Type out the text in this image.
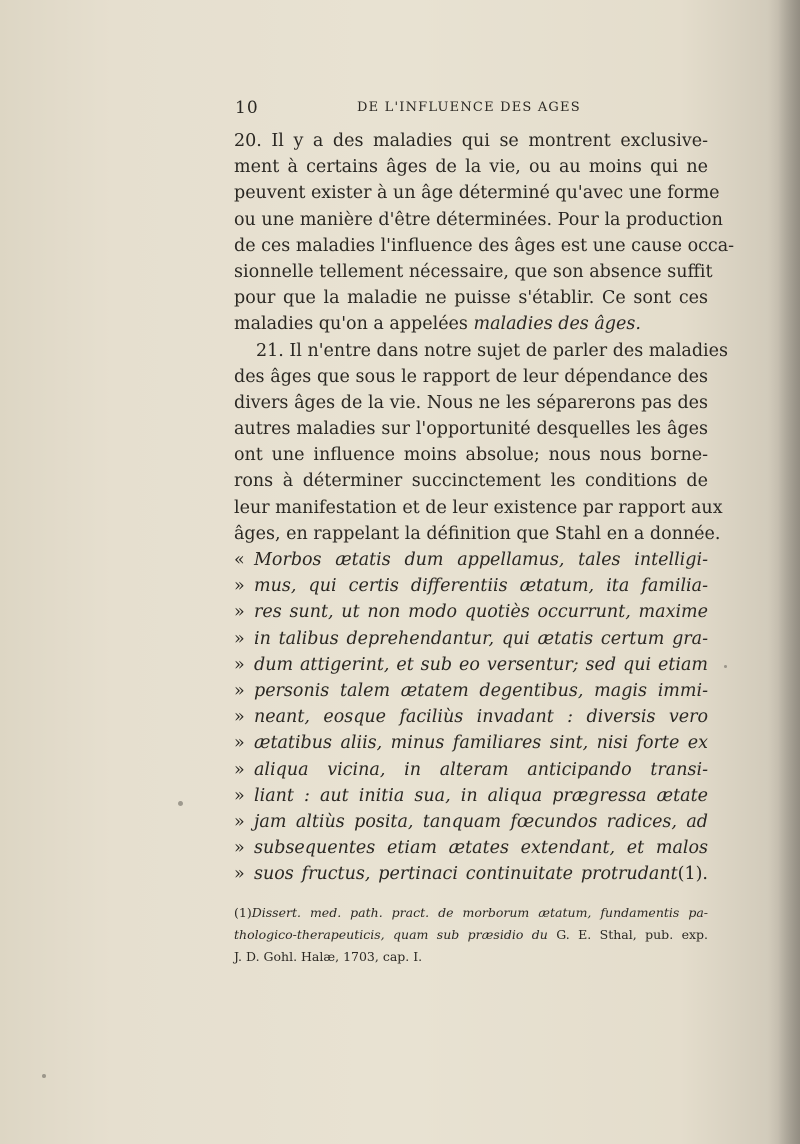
10	DE L'INFLUENCE DES AGES
20. Il y a des maladies qui se montrent exclusive-
ment à certains âges de la vie, ou au moins qui ne
peuvent exister à un âge déterminé qu'avec une forme
ou une manière d'être déterminées. Pour la production
de ces maladies l'influence des âges est une cause occa-
sionnelle tellement nécessaire, que son absence suffit
pour que la maladie ne puisse s'établir. Ce sont ces
maladies qu'on a appelées maladies des âges.
21. Il n'entre dans notre sujet de parler des maladies
des âges que sous le rapport de leur dépendance des
divers âges de la vie. Nous ne les séparerons pas des
autres maladies sur l'opportunité desquelles les âges
ont une influence moins absolue; nous nous borne-
rons à déterminer succinctement les conditions de
leur manifestation et de leur existence par rapport aux
âges, en rappelant la définition que Stahl en a donnée.
« Morbos ætatis dum appellamus, tales intelligi-
» mus, qui certis differentiis ætatum, ita familia-
» res sunt, ut non modo quotiès occurrunt, maxime
» in talibus deprehendantur, qui ætatis certum gra-
» dum attigerint, et sub eo versentur; sed qui etiam
» personis talem ætatem degentibus, magis immi-
» neant, eosque faciliùs invadant : diversis vero
» ætatibus aliis, minus familiares sint, nisi forte ex
» aliqua vicina, in alteram anticipando transi-
» liant : aut initia sua, in aliqua prægressa ætate
» jam altiùs posita, tanquam fœcundos radices, ad
» subsequentes etiam ætates extendant, et malos
» suos fructus, pertinaci continuitate protrudant(1).
(1)Dissert. med. path. pract. de morborum ætatum, fundamentis pa-
thologico-therapeuticis, quam sub præsidio du G. E. Sthal, pub. exp.
J. D. Gohl. Halæ, 1703, cap. I.
